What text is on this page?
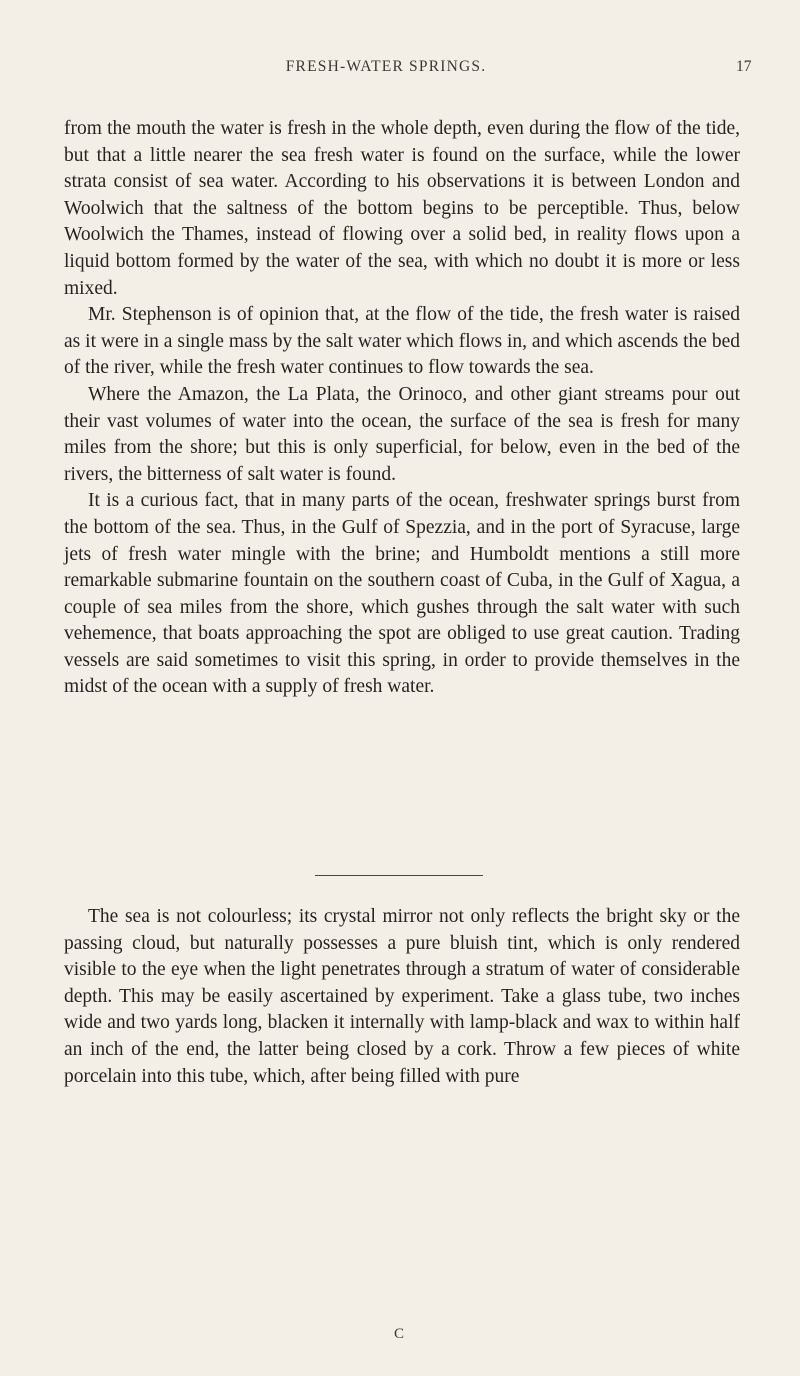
FRESH-WATER SPRINGS.	17

from the mouth the water is fresh in the whole depth, even during the flow of the tide, but that a little nearer the sea fresh water is found on the surface, while the lower strata consist of sea water. According to his observations it is between London and Woolwich that the saltness of the bottom begins to be perceptible. Thus, below Woolwich the Thames, instead of flowing over a solid bed, in reality flows upon a liquid bottom formed by the water of the sea, with which no doubt it is more or less mixed.

Mr. Stephenson is of opinion that, at the flow of the tide, the fresh water is raised as it were in a single mass by the salt water which flows in, and which ascends the bed of the river, while the fresh water continues to flow towards the sea.

Where the Amazon, the La Plata, the Orinoco, and other giant streams pour out their vast volumes of water into the ocean, the surface of the sea is fresh for many miles from the shore; but this is only superficial, for below, even in the bed of the rivers, the bitterness of salt water is found.

It is a curious fact, that in many parts of the ocean, freshwater springs burst from the bottom of the sea. Thus, in the Gulf of Spezzia, and in the port of Syracuse, large jets of fresh water mingle with the brine; and Humboldt mentions a still more remarkable submarine fountain on the southern coast of Cuba, in the Gulf of Xagua, a couple of sea miles from the shore, which gushes through the salt water with such vehemence, that boats approaching the spot are obliged to use great caution. Trading vessels are said sometimes to visit this spring, in order to provide themselves in the midst of the ocean with a supply of fresh water.

The sea is not colourless; its crystal mirror not only reflects the bright sky or the passing cloud, but naturally possesses a pure bluish tint, which is only rendered visible to the eye when the light penetrates through a stratum of water of considerable depth. This may be easily ascertained by experiment. Take a glass tube, two inches wide and two yards long, blacken it internally with lamp-black and wax to within half an inch of the end, the latter being closed by a cork. Throw a few pieces of white porcelain into this tube, which, after being filled with pure

C
